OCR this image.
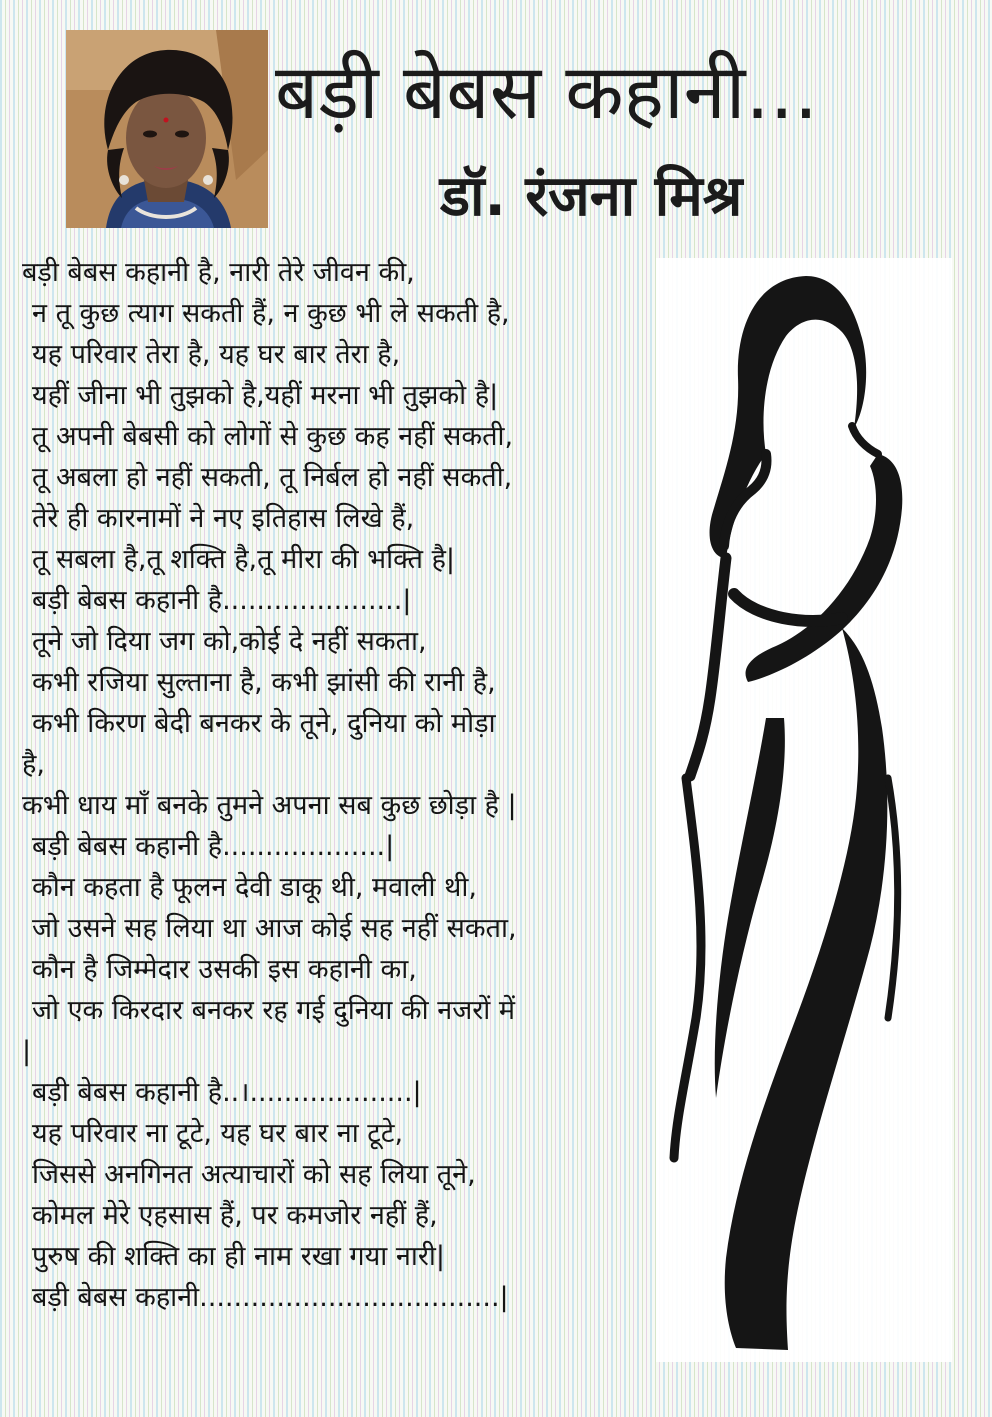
बड़ी बेबस कहानी...
डॉ. रंजना मिश्र
बड़ी बेबस कहानी है, नारी तेरे जीवन की,
न तू कुछ त्याग सकती हैं, न कुछ भी ले सकती है,
यह परिवार तेरा है, यह घर बार तेरा है,
यहीं जीना भी तुझको है,यहीं मरना भी तुझको है|
तू अपनी बेबसी को लोगों से कुछ कह नहीं सकती,
तू अबला हो नहीं सकती, तू निर्बल हो नहीं सकती,
तेरे ही कारनामों ने नए इतिहास लिखे हैं,
तू सबला है,तू शक्ति है,तू मीरा की भक्ति है|
बड़ी बेबस कहानी है.....................|
तूने जो दिया जग को,कोई दे नहीं सकता,
कभी रजिया सुल्ताना है, कभी झांसी की रानी है,
कभी किरण बेदी बनकर के तूने, दुनिया को मोड़ा
है,
कभी धाय माँ बनके तुमने अपना सब कुछ छोड़ा है |
बड़ी बेबस कहानी है...................|
कौन कहता है फूलन देवी डाकू थी, मवाली थी,
जो उसने सह लिया था आज कोई सह नहीं सकता,
कौन है जिम्मेदार उसकी इस कहानी का,
जो एक किरदार बनकर रह गई दुनिया की नजरों में
|
बड़ी बेबस कहानी है..।...................|
यह परिवार ना टूटे, यह घर बार ना टूटे,
जिससे अनगिनत अत्याचारों को सह लिया तूने,
कोमल मेरे एहसास हैं, पर कमजोर नहीं हैं,
पुरुष की शक्ति का ही नाम रखा गया नारी|
बड़ी बेबस कहानी...................................|
